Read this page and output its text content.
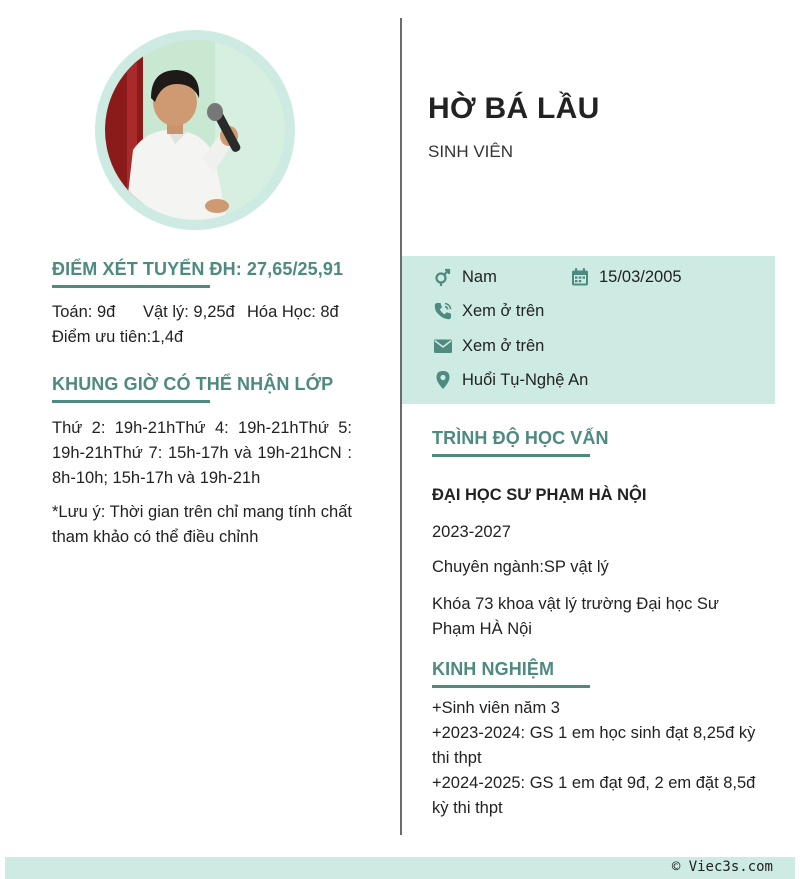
ĐIỂM XÉT TUYỂN ĐH: 27,65/25,91
Toán: 9đ Vật lý: 9,25đ Hóa Học: 8đ
Điểm ưu tiên:1,4đ
KHUNG GIỜ CÓ THỂ NHẬN LỚP
Thứ 2: 19h-21hThứ 4: 19h-21hThứ 5: 19h-21hThứ 7: 15h-17h và 19h-21hCN : 8h-10h; 15h-17h và 19h-21h
*Lưu ý: Thời gian trên chỉ mang tính chất tham khảo có thể điều chỉnh
HỜ BÁ LẦU
SINH VIÊN
Nam	15/03/2005
Xem ở trên
Xem ở trên
Huổi Tụ-Nghệ An
TRÌNH ĐỘ HỌC VẤN
ĐẠI HỌC SƯ PHẠM HÀ NỘI
2023-2027
Chuyên ngành:SP vật lý
Khóa 73 khoa vật lý trường Đại học Sư Phạm HÀ Nội
KINH NGHIỆM
+Sinh viên năm 3
+2023-2024: GS 1 em học sinh đạt 8,25đ kỳ thi thpt
+2024-2025: GS 1 em đạt 9đ, 2 em đặt 8,5đ kỳ thi thpt
© Viec3s.com
